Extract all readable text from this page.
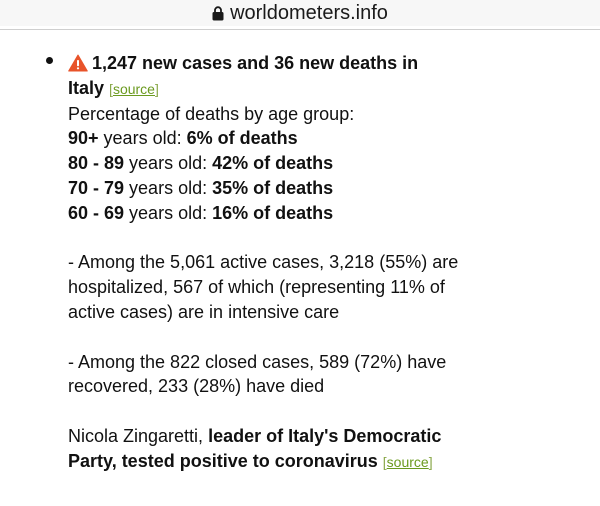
worldometers.info
1,247 new cases and 36 new deaths in
Italy [ source ]
Percentage of deaths by age group:
90+ years old: 6% of deaths
80 - 89 years old: 42% of deaths
70 - 79 years old: 35% of deaths
60 - 69 years old: 16% of deaths
- Among the 5,061 active cases, 3,218 (55%) are
hospitalized, 567 of which (representing 11% of
active cases) are in intensive care
- Among the 822 closed cases, 589 (72%) have
recovered, 233 (28%) have died
Nicola Zingaretti, leader of Italy's Democratic
Party, tested positive to coronavirus [ source ]
